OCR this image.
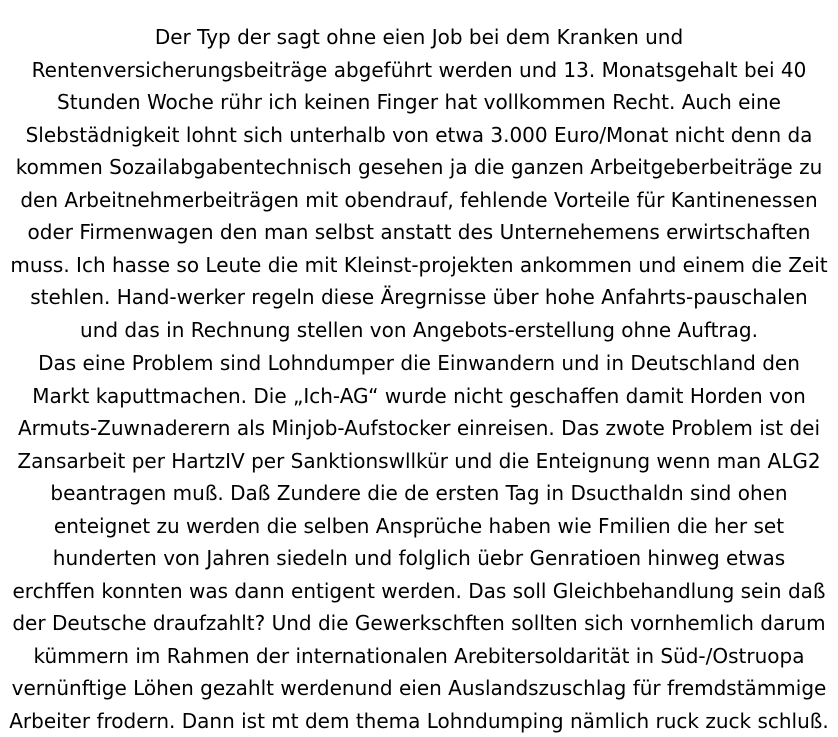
Der Typ der sagt ohne eien Job bei dem Kranken und
Rentenversicherungsbeiträge abgeführt werden und 13. Monatsgehalt bei 40
Stunden Woche rühr ich keinen Finger hat vollkommen Recht. Auch eine
Slebstädnigkeit lohnt sich unterhalb von etwa 3.000 Euro/Monat nicht denn da
kommen Sozailabgabentechnisch gesehen ja die ganzen Arbeitgeberbeiträge zu
den Arbeitnehmerbeiträgen mit obendrauf, fehlende Vorteile für Kantinenessen
oder Firmenwagen den man selbst anstatt des Unternehemens erwirtschaften
muss. Ich hasse so Leute die mit Kleinst-projekten ankommen und einem die Zeit
stehlen. Hand-werker regeln diese Äregrnisse über hohe Anfahrts-pauschalen
und das in Rechnung stellen von Angebots-erstellung ohne Auftrag.
Das eine Problem sind Lohndumper die Einwandern und in Deutschland den
Markt kaputtmachen. Die „Ich-AG“ wurde nicht geschaffen damit Horden von
Armuts-Zuwnaderern als Minjob-Aufstocker einreisen. Das zwote Problem ist dei
Zansarbeit per HartzIV per Sanktionswllkür und die Enteignung wenn man ALG2
beantragen muß. Daß Zundere die de ersten Tag in Dsucthaldn sind ohen
enteignet zu werden die selben Ansprüche haben wie Fmilien die her set
hunderten von Jahren siedeln und folglich üebr Genratioen hinweg etwas
erchffen konnten was dann entigent werden. Das soll Gleichbehandlung sein daß
der Deutsche draufzahlt? Und die Gewerkschften sollten sich vornhemlich darum
kümmern im Rahmen der internationalen Arebitersoldarität in Süd-/Ostruopa
vernünftige Löhen gezahlt werdenund eien Auslandszuschlag für fremdstämmige
Arbeiter frodern. Dann ist mt dem thema Lohndumping nämlich ruck zuck schluß.
